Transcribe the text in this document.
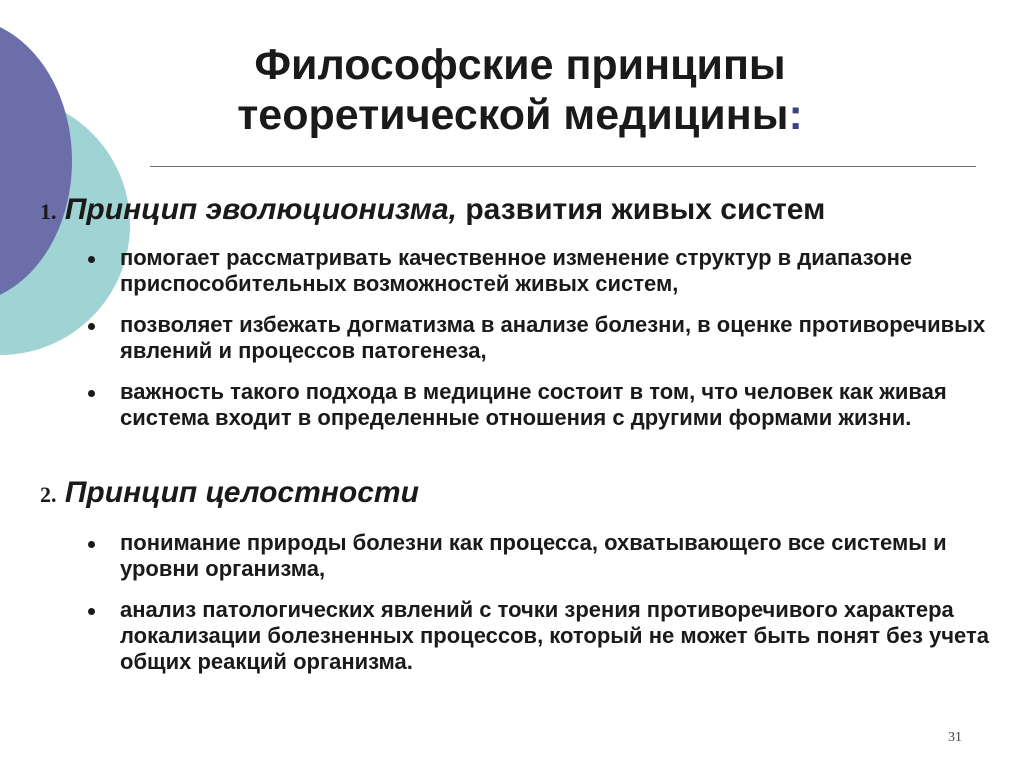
Философские принципы
теоретической медицины:
1. Принцип эволюционизма, развития живых систем
помогает рассматривать качественное изменение структур в диапазоне приспособительных возможностей живых систем,
позволяет избежать догматизма в анализе болезни, в оценке противоречивых явлений и процессов патогенеза,
важность такого подхода в медицине состоит в том, что человек как живая система входит в определенные отношения с другими формами жизни.
2. Принцип целостности
понимание природы болезни как процесса, охватывающего все системы и уровни организма,
анализ патологических явлений с точки зрения противоречивого характера локализации болезненных процессов, который не может быть понят без учета общих реакций организма.
31
